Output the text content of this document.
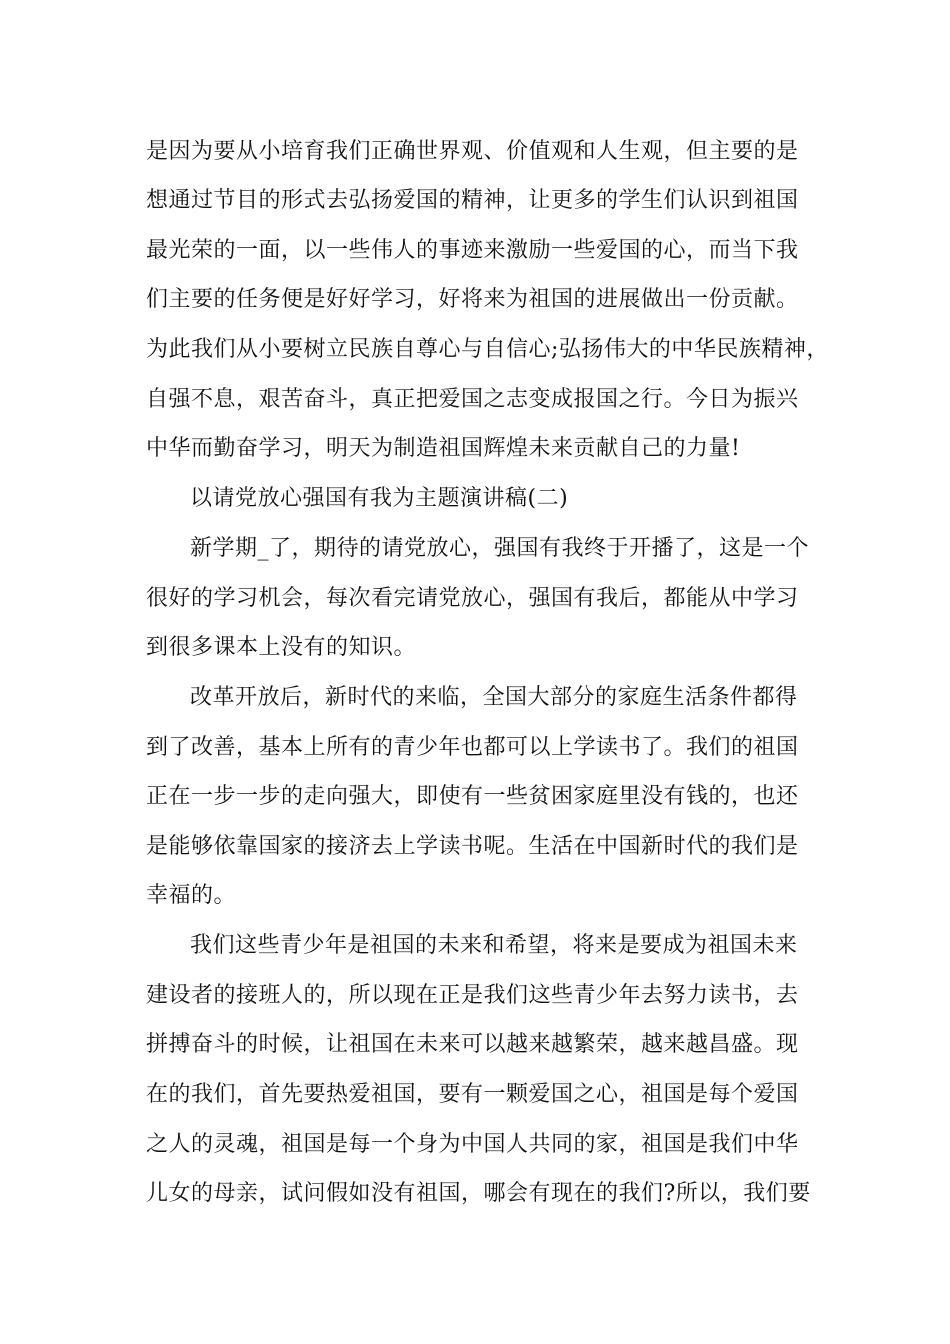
是因为要从小培育我们正确世界观、价值观和人生观，但主要的是
想通过节目的形式去弘扬爱国的精神，让更多的学生们认识到祖国
最光荣的一面，以一些伟人的事迹来激励一些爱国的心，而当下我
们主要的任务便是好好学习，好将来为祖国的进展做出一份贡献。
为此我们从小要树立民族自尊心与自信心;弘扬伟大的中华民族精神，
自强不息，艰苦奋斗，真正把爱国之志变成报国之行。今日为振兴
中华而勤奋学习，明天为制造祖国辉煌未来贡献自己的力量!
以请党放心强国有我为主题演讲稿(二)
新学期_了，期待的请党放心，强国有我终于开播了，这是一个
很好的学习机会，每次看完请党放心，强国有我后，都能从中学习
到很多课本上没有的知识。
改革开放后，新时代的来临，全国大部分的家庭生活条件都得
到了改善，基本上所有的青少年也都可以上学读书了。我们的祖国
正在一步一步的走向强大，即使有一些贫困家庭里没有钱的，也还
是能够依靠国家的接济去上学读书呢。生活在中国新时代的我们是
幸福的。
我们这些青少年是祖国的未来和希望，将来是要成为祖国未来
建设者的接班人的，所以现在正是我们这些青少年去努力读书，去
拼搏奋斗的时候，让祖国在未来可以越来越繁荣，越来越昌盛。现
在的我们，首先要热爱祖国，要有一颗爱国之心，祖国是每个爱国
之人的灵魂，祖国是每一个身为中国人共同的家，祖国是我们中华
儿女的母亲，试问假如没有祖国，哪会有现在的我们?所以，我们要
